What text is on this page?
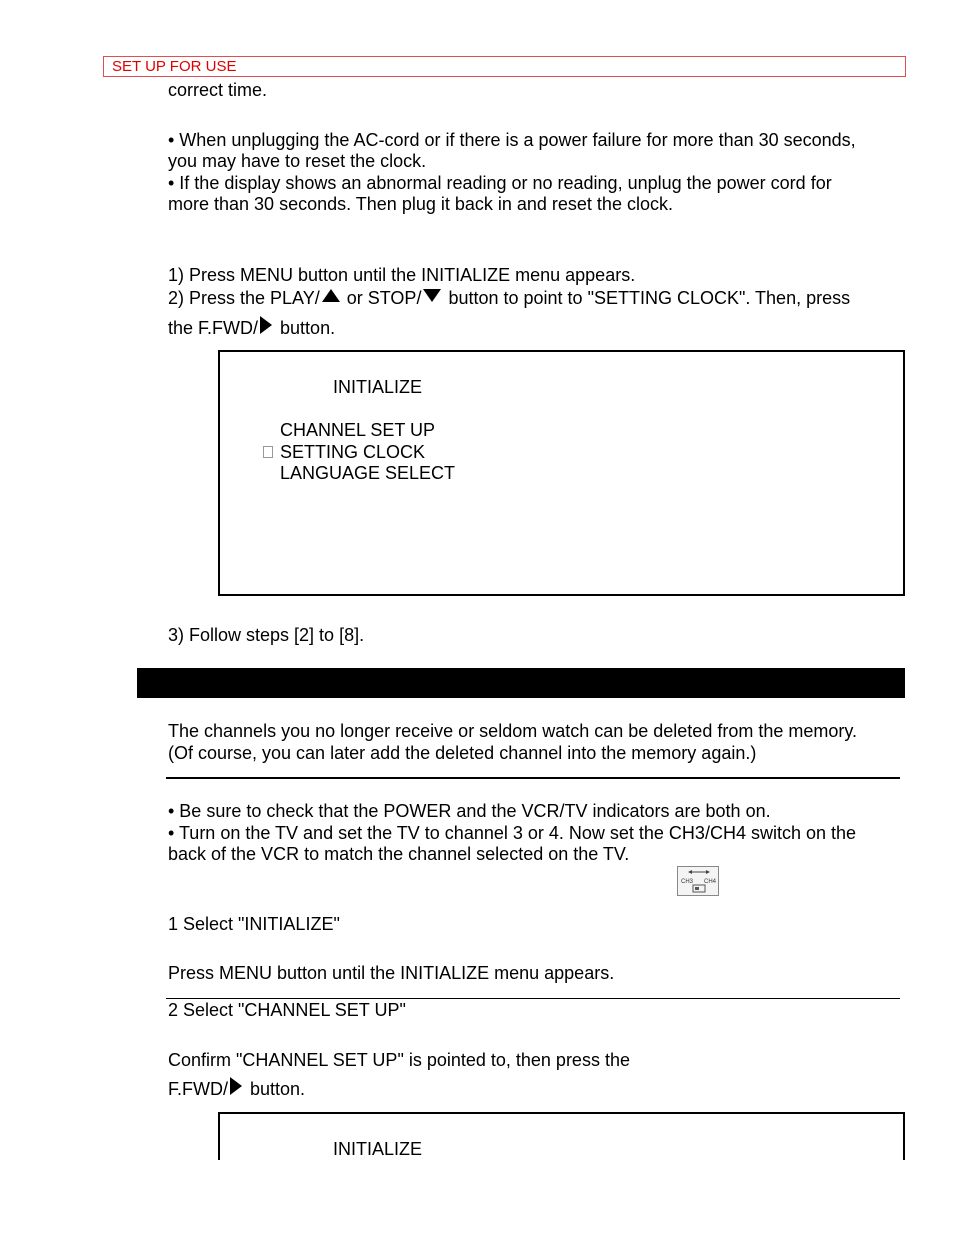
SET UP FOR USE
correct time.
• When unplugging the AC-cord or if there is a power failure for more than 30 seconds,
you may have to reset the clock.
• If the display shows an abnormal reading or no reading, unplug the power cord for
more than 30 seconds. Then plug it back in and reset the clock.
1) Press MENU button until the INITIALIZE menu appears.
2) Press the PLAY/ or STOP/ button to point to "SETTING CLOCK". Then, press
the F.FWD/ button.
INITIALIZE
CHANNEL SET UP
SETTING CLOCK
LANGUAGE SELECT
3) Follow steps [2] to [8].
The channels you no longer receive or seldom watch can be deleted from the memory.
(Of course, you can later add the deleted channel into the memory again.)
• Be sure to check that the POWER and the VCR/TV indicators are both on.
• Turn on the TV and set the TV to channel 3 or 4. Now set the CH3/CH4 switch on the
back of the VCR to match the channel selected on the TV.
CH3 CH4
1 Select "INITIALIZE"
Press MENU button until the INITIALIZE menu appears.
2 Select "CHANNEL SET UP"
Confirm "CHANNEL SET UP" is pointed to, then press the
F.FWD/ button.
INITIALIZE
